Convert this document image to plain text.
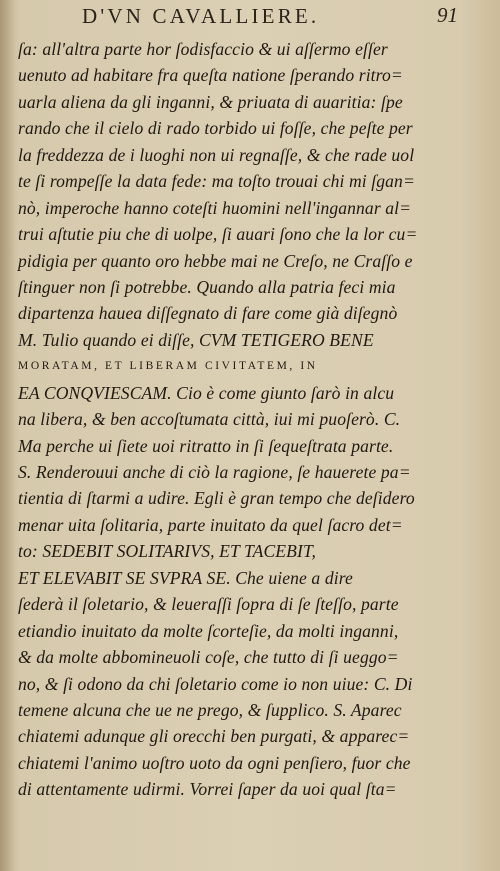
D'VN CAVALLIERE.	91
ſa: all'altra parte hor ſodisfaccio & ui aſſermo eſſer
uenuto ad habitare fra queſta natione ſperando ritro=
uarla aliena da gli inganni, & priuata di auaritia: ſpe
rando che il cielo di rado torbido ui foſſe, che peſte per
la freddezza de i luoghi non ui regnaſſe, & che rade uol
te ſi rompeſſe la data fede: ma toſto trouai chi mi ſgan=
nò, imperoche hanno coteſti huomini nell'ingannar al=
trui aſtutie piu che di uolpe, ſi auari ſono che la lor cu=
pidigia per quanto oro hebbe mai ne Creſo, ne Craſſo e
ſtinguer non ſi potrebbe. Quando alla patria feci mia
dipartenza hauea diſſegnato di fare come già diſegnò
M. Tulio quando ei diſſe, CVM TETIGERO BENE
MORATAM, ET LIBERAM CIVITATEM, IN
EA CONQVIESCAM. Cio è come giunto ſarò in alcu
na libera, & ben accoſtumata città, iui mi puoſerò. C.
Ma perche ui ſiete uoi ritratto in ſi ſequeſtrata parte.
S. Renderouui anche di ciò la ragione, ſe hauerete pa=
tientia di ſtarmi a udire. Egli è gran tempo che deſidero
menar uita ſolitaria, parte inuitato da quel ſacro det=
to: SEDEBIT SOLITARIVS, ET TACEBIT,
ET ELEVABIT SE SVPRA SE. Che uiene a dire
ſederà il ſoletario, & leueraſſi ſopra di ſe ſteſſo, parte
etiandio inuitato da molte ſcorteſie, da molti inganni,
& da molte abbomineuoli coſe, che tutto di ſi ueggo=
no, & ſi odono da chi ſoletario come io non uiue: C. Di
temene alcuna che ue ne prego, & ſupplico. S. Aparec
chiatemi adunque gli orecchi ben purgati, & apparec=
chiatemi l'animo uoſtro uoto da ogni penſiero, fuor che
di attentamente udirmi. Vorrei ſaper da uoi qual ſta=
